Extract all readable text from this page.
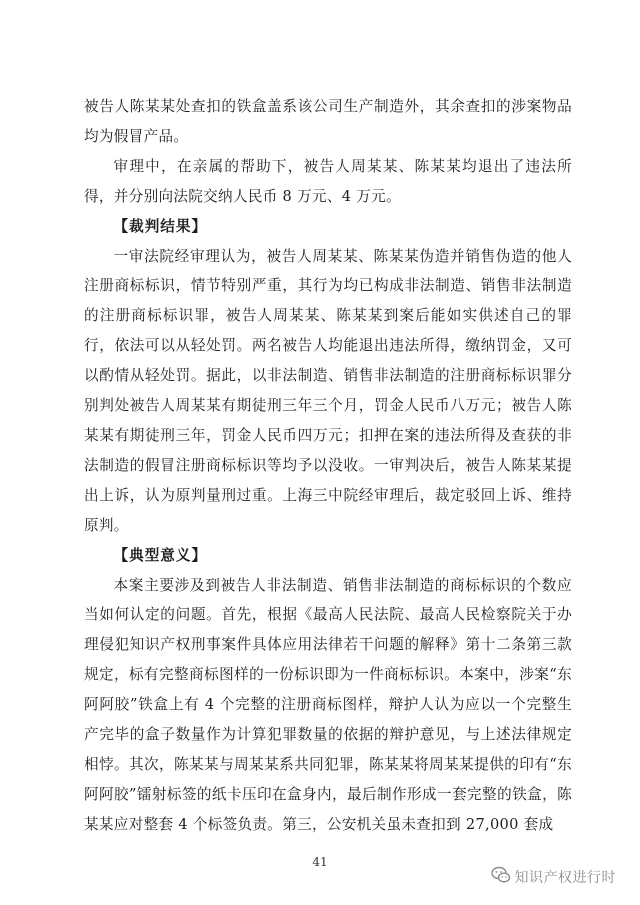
被告人陈某某处查扣的铁盒盖系该公司生产制造外，其余查扣的涉案物品均为假冒产品。

审理中，在亲属的帮助下，被告人周某某、陈某某均退出了违法所得，并分别向法院交纳人民币 8 万元、4 万元。

【裁判结果】

一审法院经审理认为，被告人周某某、陈某某伪造并销售伪造的他人注册商标标识，情节特别严重，其行为均已构成非法制造、销售非法制造的注册商标标识罪，被告人周某某、陈某某到案后能如实供述自己的罪行，依法可以从轻处罚。两名被告人均能退出违法所得，缴纳罚金，又可以酌情从轻处罚。据此，以非法制造、销售非法制造的注册商标标识罪分别判处被告人周某某有期徒刑三年三个月，罚金人民币八万元；被告人陈某某有期徒刑三年，罚金人民币四万元；扣押在案的违法所得及查获的非法制造的假冒注册商标标识等均予以没收。一审判决后，被告人陈某某提出上诉，认为原判量刑过重。上海三中院经审理后，裁定驳回上诉、维持原判。

【典型意义】

本案主要涉及到被告人非法制造、销售非法制造的商标标识的个数应当如何认定的问题。首先，根据《最高人民法院、最高人民检察院关于办理侵犯知识产权刑事案件具体应用法律若干问题的解释》第十二条第三款规定，标有完整商标图样的一份标识即为一件商标标识。本案中，涉案“东阿阿胶”铁盒上有 4 个完整的注册商标图样，辩护人认为应以一个完整生产完毕的盒子数量作为计算犯罪数量的依据的辩护意见，与上述法律规定相悖。其次，陈某某与周某某系共同犯罪，陈某某将周某某提供的印有“东阿阿胶”镭射标签的纸卡压印在盒身内，最后制作形成一套完整的铁盒，陈某某应对整套 4 个标签负责。第三，公安机关虽未查扣到 27,000 套成

41
知识产权进行时
